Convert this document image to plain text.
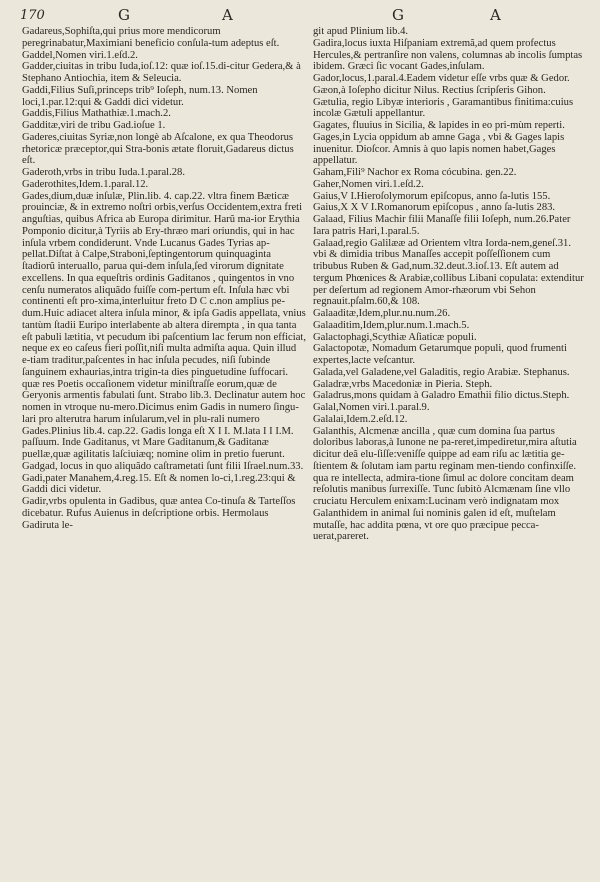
170	G	A	G	A

Gadareus,Sophiſta,qui prius more mendicorum peregrinabatur,Maximiani beneficio conſula-tum adeptus eſt.

Gaddel,Nomen viri.1.eſd.2.

Gadder,ciuitas in tribu Iuda,ioſ.12: quæ ioſ.15.di-citur Gedera,& à Stephano Antiochia, item & Seleucia.

Gaddi,Filius Suſi,princeps trib⁹ Ioſeph, num.13. Nomen loci,1.par.12:qui & Gaddi dici videtur.

Gaddis,Filius Mathathiæ.1.mach.2.

Gadditæ,viri de tribu Gad.ioſue 1.

Gaderes,ciuitas Syriæ,non longè ab Aſcalone, ex qua Theodorus rhetoricæ præceptor,qui Stra-bonis ætate floruit,Gadareus dictus eſt.

Gaderoth,vrbs in tribu Iuda.1.paral.28.

Gaderothites,Idem.1.paral.12.

Gades,dium,duæ inſulæ, Plin.lib. 4. cap.22. vltra finem Bæticæ prouinciæ, & in extremo noſtri orbis,verſus Occidentem,extra freti anguſtias, quibus Africa ab Europa dirimitur. Harũ ma-ior Erythia Pomponio dicitur,à Tyriis ab Ery-thræo mari oriundis, qui in hac inſula vrbem condiderunt. Vnde Lucanus Gades Tyrias ap-pellat.Diſtat à Calpe,Straboni,ſeptingentorum quinquaginta ſtadiorũ interuallo, parua qui-dem inſula,ſed virorum dignitate excellens. In qua equeſtris ordinis Gaditanos , quingentos in vno cenſu numeratos aliquãdo fuiſſe com-pertum eſt. Inſula hæc vbi continenti eſt pro-xima,interluitur freto D C c.non amplius pe-dum.Huic adiacet altera inſula minor, & ipſa Gadis appellata, vnius tantùm ſtadii Euripo interlabente ab altera dirempta , in qua tanta eſt pabuli lætitia, vt pecudum ibi paſcentium lac ferum non efficiat, neque ex eo caſeus fieri poſſit,niſi multa admiſta aqua. Quin illud e-tiam traditur,paſcentes in hac inſula pecudes, niſi ſubinde ſanguinem exhaurias,intra trigin-ta dies pinguetudine ſuffocari. quæ res Poetis occaſionem videtur miniſtraſſe eorum,quæ de Geryonis armentis fabulati ſunt. Strabo lib.3. Declinatur autem hoc nomen in vtroque nu-mero.Dicimus enim Gadis in numero ſingu-lari pro alterutra harum inſularum,vel in plu-rali numero Gades.Plinius lib.4. cap.22. Gadis longa eſt X I I. M.lata I I I.M. paſſuum. Inde Gaditanus, vt Mare Gaditanum,& Gaditanæ puellæ,quæ agilitatis laſciuiæq; nomine olim in pretio fuerunt.

Gadgad, locus in quo aliquãdo caſtrametati ſunt filii Iſrael.num.33.

Gadi,pater Manahem,4.reg.15. Eſt & nomen lo-ci,1.reg.23:qui & Gaddi dici videtur.

Gadir,vrbs opulenta in Gadibus, quæ antea Co-tinuſa & Tarteſſos dicebatur. Rufus Auienus in deſcriptione orbis. Hermolaus Gadiruta le-

git apud Plinium lib.4.

Gadira,locus iuxta Hiſpaniam extremã,ad quem profectus Hercules,& pertranſire non valens, columnas ab incolis ſumptas ibidem. Græci ſic vocant Gades,inſulam.

Gador,locus,1.paral.4.Eadem videtur eſſe vrbs quæ & Gedor.

Gæon,à Ioſepho dicitur Nilus. Rectius ſcripſeris Gihon.

Gætulia, regio Libyæ interioris , Garamantibus finitima:cuius incolæ Gætuli appellantur.

Gagates, fluuius in Sicilia, & lapides in eo pri-mùm reperti.

Gages,in Lycia oppidum ab amne Gaga , vbi & Gages lapis inuenitur. Dioſcor. Amnis à quo lapis nomen habet,Gages appellatur.

Gaham,Fili⁹ Nachor ex Roma cócubina. gen.22.

Gaher,Nomen viri.1.eſd.2.

Gaius,V I.Hieroſolymorum epiſcopus, anno ſa-lutis 155.

Gaius,X X V I.Romanorum epiſcopus , anno ſa-lutis 283.

Galaad, Filius Machir filii Manaſſe filii Ioſeph, num.26.Pater Iara patris Hari,1.paral.5.

Galaad,regio Galilææ ad Orientem vltra Iorda-nem,geneſ.31. vbi & dimidia tribus Manaſſes accepit poſſeſſionem cum tribubus Ruben & Gad,num.32.deut.3.ioſ.13. Eſt autem ad tergum Phœnices & Arabiæ,collibus Libani copulata: extenditur per deſertum ad regionem Amor-rhæorum vbi Sehon regnauit.pſalm.60,& 108.

Galaaditæ,Idem,plur.nu.num.26.

Galaaditim,Idem,plur.num.1.mach.5.

Galactophagi,Scythiæ Aſiaticæ populi.

Galactopotæ, Nomadum Getarumque populi, quod frumenti expertes,lacte veſcantur.

Galada,vel Galadene,vel Galaditis, regio Arabiæ. Stephanus.

Galadræ,vrbs Macedoniæ in Pieria. Steph.

Galadrus,mons quidam à Galadro Emathii filio dictus.Steph.

Galal,Nomen viri.1.paral.9.

Galalai,Idem.2.eſd.12.

Galanthis, Alcmenæ ancilla , quæ cum domina ſua partus doloribus laboras,à Iunone ne pa-reret,impediretur,mira aſtutia dicitur deã elu-ſiſſe:veniſſe quippe ad eam riſu ac lætitia ge-ſtientem & ſolutam iam partu reginam men-tiendo confinxiſſe. qua re intellecta, admira-tione ſimul ac dolore concitam deam reſolutis manibus ſurrexiſſe. Tunc ſubitò Alcmænam ſine vllo cruciatu Herculem enixam:Lucinam verò indignatam mox Galanthidem in animal ſui nominis galen id eſt, muſtelam mutaſſe, hac addita pœna, vt ore quo præcipue pecca-uerat,pareret.
